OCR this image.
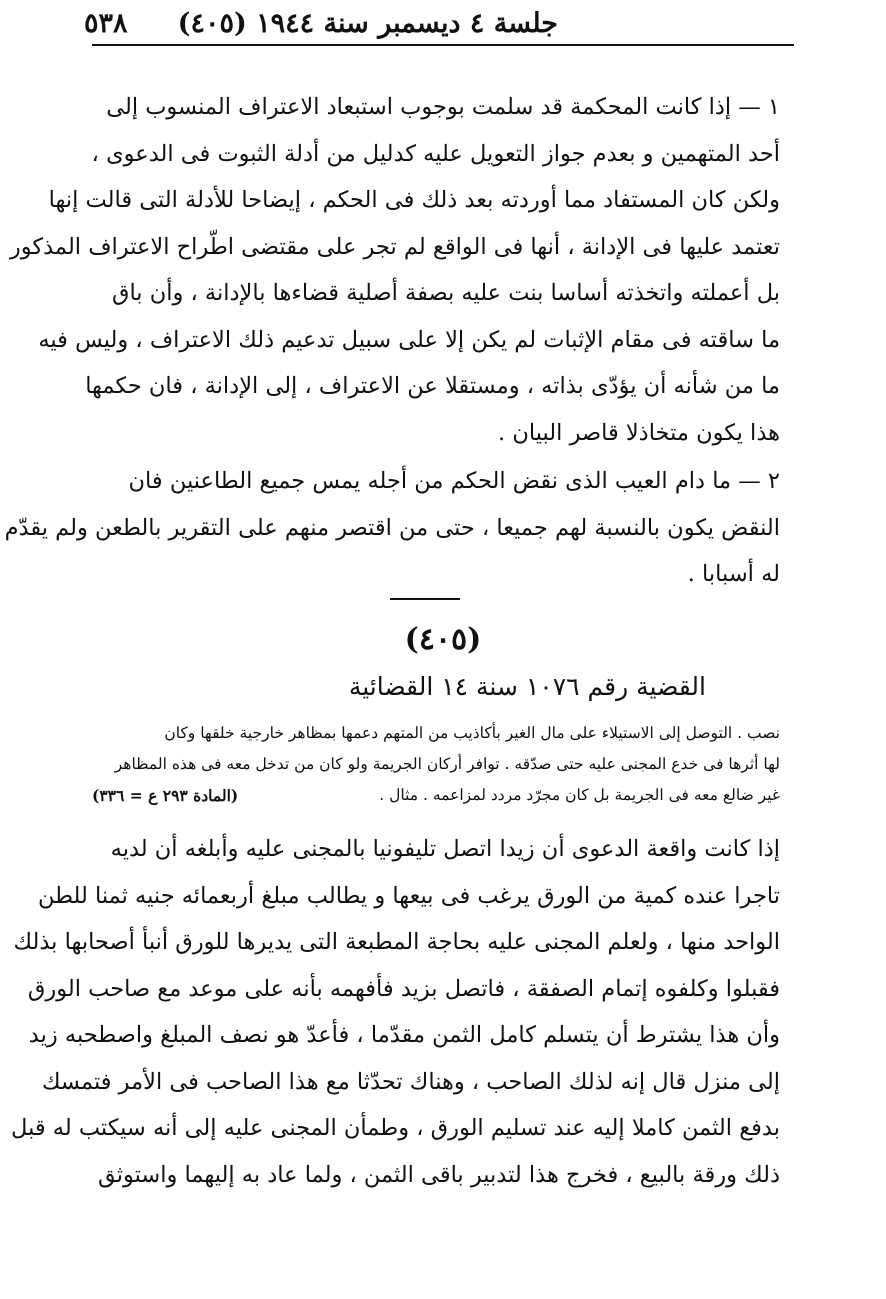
جلسة ٤ ديسمبر سنة ١٩٤٤ (٤٠٥)
٥٣٨
١ — إذا كانت المحكمة قد سلمت بوجوب استبعاد الاعتراف المنسوب إلى
أحد المتهمين و بعدم جواز التعويل عليه كدليل من أدلة الثبوت فى الدعوى ،
ولكن كان المستفاد مما أوردته بعد ذلك فى الحكم ، إيضاحا للأدلة التى قالت إنها
تعتمد عليها فى الإدانة ، أنها فى الواقع لم تجر على مقتضى اطّراح الاعتراف المذكور
بل أعملته واتخذته أساسا بنت عليه بصفة أصلية قضاءها بالإدانة ، وأن باق
ما ساقته فى مقام الإثبات لم يكن إلا على سبيل تدعيم ذلك الاعتراف ، وليس فيه
ما من شأنه أن يؤدّى بذاته ، ومستقلا عن الاعتراف ، إلى الإدانة ، فان حكمها
هذا يكون متخاذلا قاصر البيان .
٢ — ما دام العيب الذى نقض الحكم من أجله يمس جميع الطاعنين فان
النقض يكون بالنسبة لهم جميعا ، حتى من اقتصر منهم على التقرير بالطعن ولم يقدّم
له أسبابا .
(٤٠٥)
القضية رقم ١٠٧٦ سنة ١٤ القضائية
نصب . التوصل إلى الاستيلاء على مال الغير بأكاذيب من المتهم دعمها بمظاهر خارجية خلقها وكان
لها أثرها فى خدع المجنى عليه حتى صدّقه . توافر أركان الجريمة ولو كان من تدخل معه فى هذه المظاهر
(المادة ٢٩٣ ع = ٣٣٦)	غير ضالع معه فى الجريمة بل كان مجرّد مردد لمزاعمه . مثال .
إذا كانت واقعة الدعوى أن زيدا اتصل تليفونيا بالمجنى عليه وأبلغه أن لديه
تاجرا عنده كمية من الورق يرغب فى بيعها و يطالب مبلغ أربعمائه جنيه ثمنا للطن
الواحد منها ، ولعلم المجنى عليه بحاجة المطبعة التى يديرها للورق أنبأ أصحابها بذلك
فقبلوا وكلفوه إتمام الصفقة ، فاتصل بزيد فأفهمه بأنه على موعد مع صاحب الورق
وأن هذا يشترط أن يتسلم كامل الثمن مقدّما ، فأعدّ هو نصف المبلغ واصطحبه زيد
إلى منزل قال إنه لذلك الصاحب ، وهناك تحدّثا مع هذا الصاحب فى الأمر فتمسك
بدفع الثمن كاملا إليه عند تسليم الورق ، وطمأن المجنى عليه إلى أنه سيكتب له قبل
ذلك ورقة بالبيع ، فخرج هذا لتدبير باقى الثمن ، ولما عاد به إليهما واستوثق
